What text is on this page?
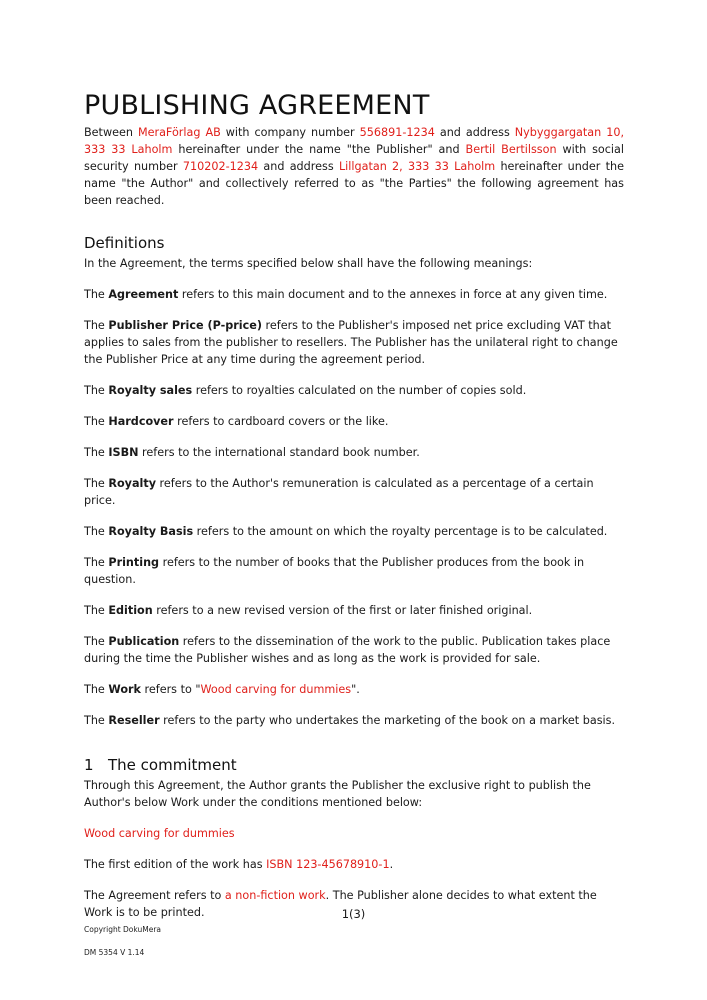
PUBLISHING AGREEMENT

Between MeraFörlag AB with company number 556891-1234 and address Nybyggargatan 10, 333 33 Laholm hereinafter under the name "the Publisher" and Bertil Bertilsson with social security number 710202-1234 and address Lillgatan 2, 333 33 Laholm hereinafter under the name "the Author" and collectively referred to as "the Parties" the following agreement has been reached.

Definitions

In the Agreement, the terms specified below shall have the following meanings:

The Agreement refers to this main document and to the annexes in force at any given time.

The Publisher Price (P-price) refers to the Publisher's imposed net price excluding VAT that applies to sales from the publisher to resellers. The Publisher has the unilateral right to change the Publisher Price at any time during the agreement period.

The Royalty sales refers to royalties calculated on the number of copies sold.

The Hardcover refers to cardboard covers or the like.

The ISBN refers to the international standard book number.

The Royalty refers to the Author's remuneration is calculated as a percentage of a certain price.

The Royalty Basis refers to the amount on which the royalty percentage is to be calculated.

The Printing refers to the number of books that the Publisher produces from the book in question.

The Edition refers to a new revised version of the first or later finished original.

The Publication refers to the dissemination of the work to the public. Publication takes place during the time the Publisher wishes and as long as the work is provided for sale.

The Work refers to "Wood carving for dummies".

The Reseller refers to the party who undertakes the marketing of the book on a market basis.

1 The commitment

Through this Agreement, the Author grants the Publisher the exclusive right to publish the Author's below Work under the conditions mentioned below:

Wood carving for dummies

The first edition of the work has ISBN 123-45678910-1.

The Agreement refers to a non-fiction work. The Publisher alone decides to what extent the Work is to be printed.	1(3)
Copyright DokuMera
DM 5354 V 1.14
